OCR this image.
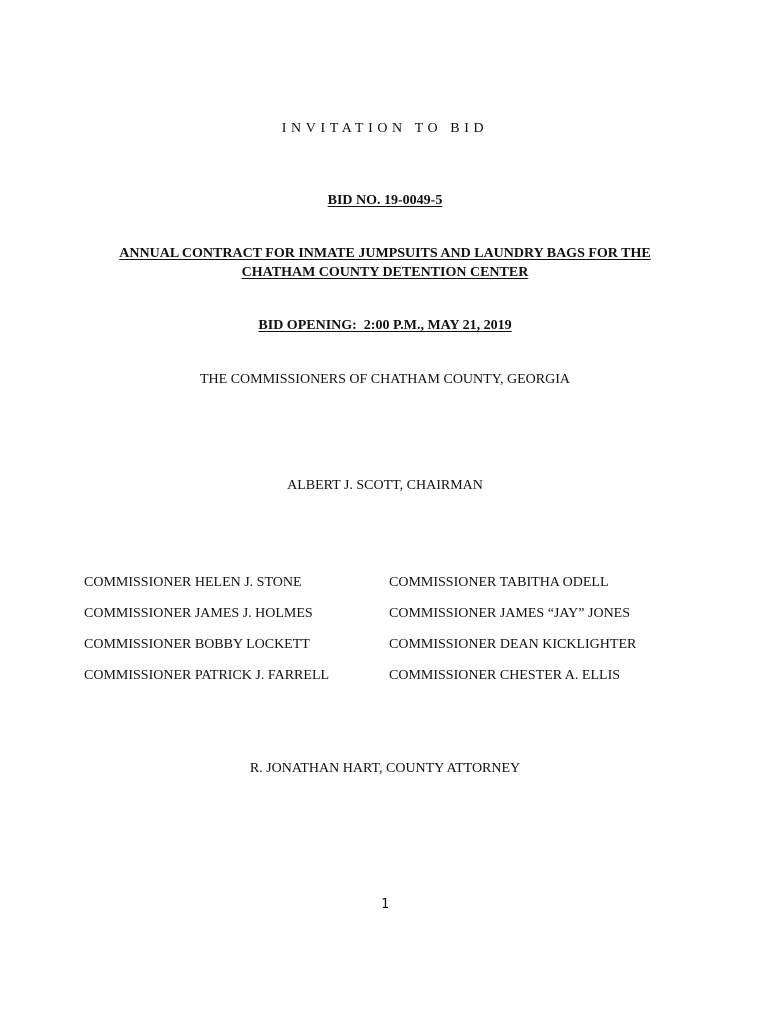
INVITATION TO BID
BID NO. 19-0049-5
ANNUAL CONTRACT FOR INMATE JUMPSUITS AND LAUNDRY BAGS FOR THE
CHATHAM COUNTY DETENTION CENTER
BID OPENING:  2:00 P.M., MAY 21, 2019
THE COMMISSIONERS OF CHATHAM COUNTY, GEORGIA
ALBERT J. SCOTT, CHAIRMAN
COMMISSIONER HELEN J. STONE	COMMISSIONER TABITHA ODELL
COMMISSIONER JAMES J. HOLMES	COMMISSIONER JAMES “JAY” JONES
COMMISSIONER BOBBY LOCKETT	COMMISSIONER DEAN KICKLIGHTER
COMMISSIONER PATRICK J. FARRELL	COMMISSIONER CHESTER A. ELLIS
R. JONATHAN HART, COUNTY ATTORNEY
1
